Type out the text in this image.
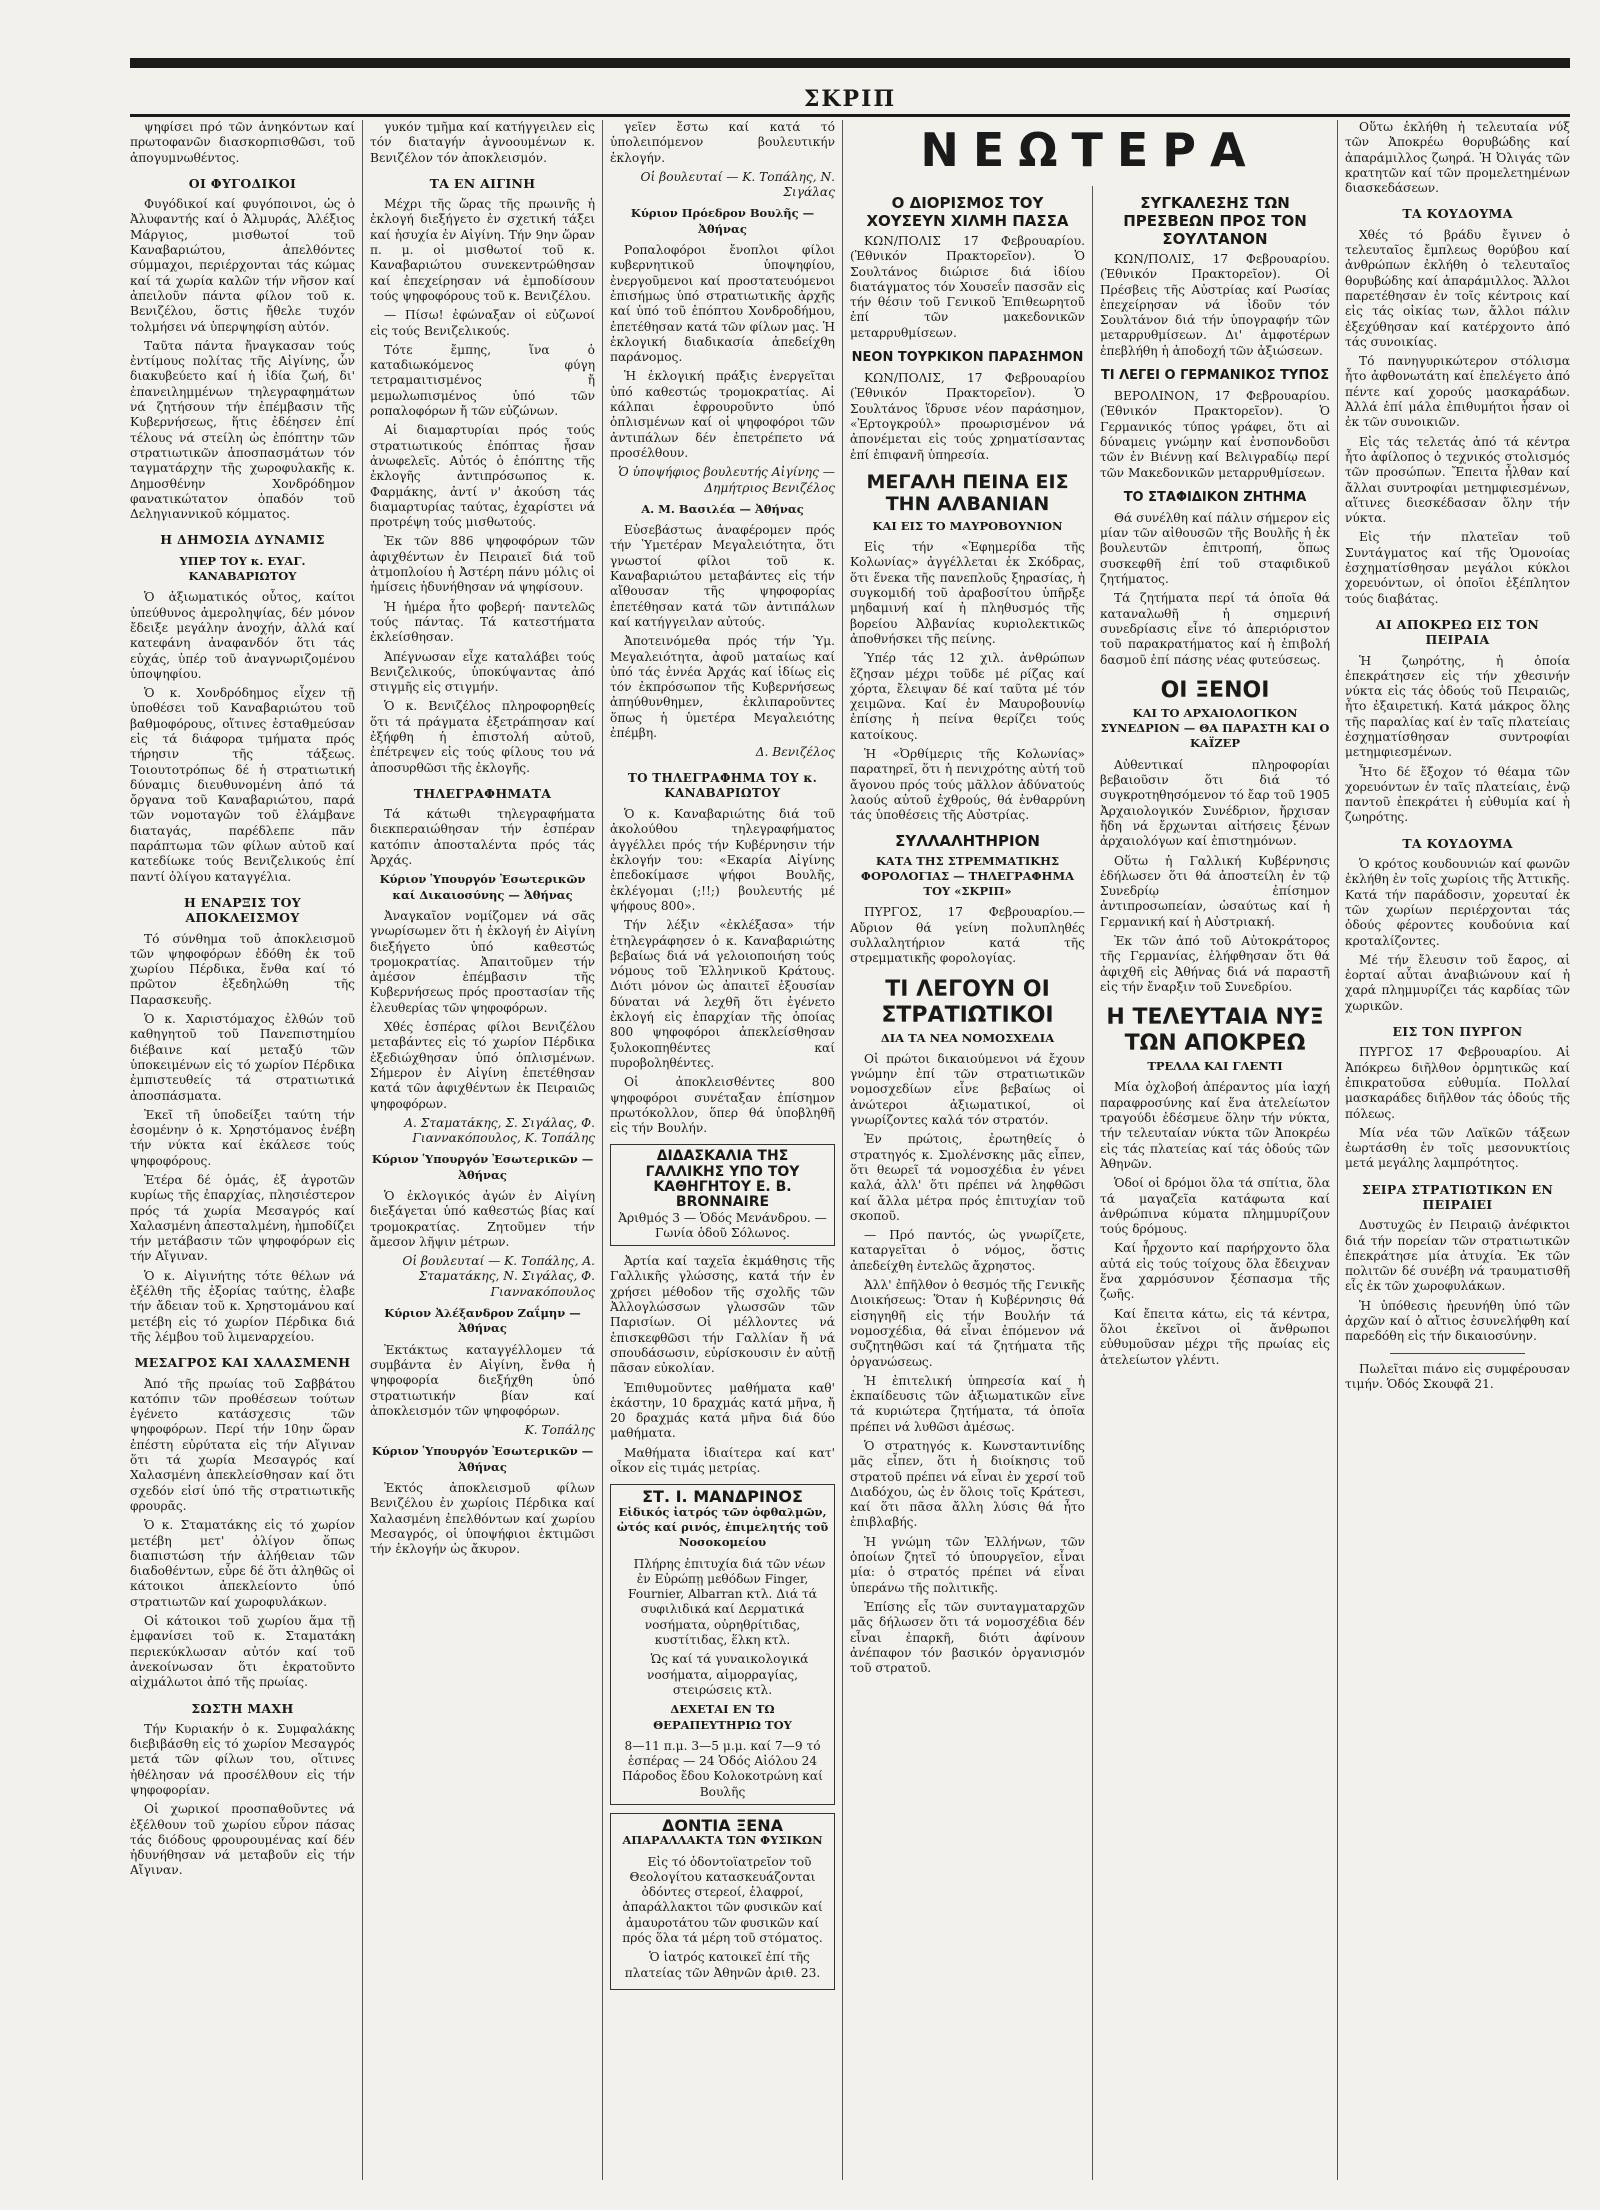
ΣΚΡΙΠ

ψηφίσει πρό τῶν ἀνηκόντων καί πρωτοφανῶν διασκορπισθῶσι, τοῦ ἀπογυμνωθέντος.

ΟΙ ΦΥΓΟΔΙΚΟΙ

Φυγόδικοί καί φυγόποινοι, ὡς ὁ Ἀλυφαντής καί ὁ Ἀλμυράς, Ἀλέξιος Μάργιος, μισθωτοί τοῦ Καναβαριώτου, ἀπελθόντες σύμμαχοι, περιέρχονται τάς κώμας καί τά χωρία καλῶν τήν νῆσον καί ἀπειλοῦν πάντα φίλον τοῦ κ. Βενιζέλου, ὅστις ἤθελε τυχόν τολμήσει νά ὑπερψηφίση αὐτόν.

Ταῦτα πάντα ἤναγκασαν τούς ἐντίμους πολίτας τῆς Αἰγίνης, ὧν διακυβεύετο καί ἡ ἰδία ζωή, δι' ἐπανειλημμένων τηλεγραφημάτων νά ζητήσουν τήν ἐπέμβασιν τῆς Κυβερνήσεως, ἥτις ἐδέησεν ἐπί τέλους νά στείλη ὡς ἐπόπτην τῶν στρατιωτικῶν ἀποσπασμάτων τόν ταγματάρχην τῆς χωροφυλακῆς κ. Δημοσθένην Χονδρόδημον φανατικώτατον ὀπαδόν τοῦ Δεληγιαννικοῦ κόμματος.

Η ΔΗΜΟΣΙΑ ΔΥΝΑΜΙΣ
ΥΠΕΡ ΤΟΥ κ. ΕΥΑΓ. ΚΑΝΑΒΑΡΙΩΤΟΥ

Ὁ ἀξιωματικός οὗτος, καίτοι ὑπεύθυνος ἀμεροληψίας, δέν μόνον ἔδειξε μεγάλην ἀνοχήν, ἀλλά καί κατεφάνη ἀναφανδόν ὅτι τάς εὐχάς, ὑπέρ τοῦ ἀναγνωριζομένου ὑποψηφίου.

Ὁ κ. Χονδρόδημος εἶχεν τῇ ὑποθέσει τοῦ Καναβαριώτου τοῦ βαθμοφόρους, οἵτινες ἐσταθμεύσαν εἰς τά διάφορα τμήματα πρός τήρησιν τῆς τάξεως. Τοιουτοτρόπως δέ ἡ στρατιωτική δύναμις διευθυνομένη ἀπό τά ὄργανα τοῦ Καναβαριώτου, παρά τῶν νομοταγῶν τοῦ ἐλάμβανε διαταγάς, παρέδλεπε πᾶν παράπτωμα τῶν φίλων αὐτοῦ καί κατεδίωκε τούς Βενιζελικούς ἐπί παντί ὀλίγου καταγγέλια.

Η ΕΝΑΡΞΙΣ ΤΟΥ ΑΠΟΚΛΕΙΣΜΟΥ

Τό σύνθημα τοῦ ἀποκλεισμοῦ τῶν ψηφοφόρων ἐδόθη ἐκ τοῦ χωρίου Πέρδικα, ἔνθα καί τό πρῶτον ἐξεδηλώθη τῆς Παρασκευῆς.

Ὁ κ. Χαριστόμαχος ἐλθών τοῦ καθηγητοῦ τοῦ Πανεπιστημίου διέβαινε καί μεταξύ τῶν ὑποκειμένων εἰς τό χωρίον Πέρδικα ἐμπιστευθείς τά στρατιωτικά ἀποσπάσματα.

Ἐκεῖ τῆ ὑποδείξει ταύτη τήν ἐσομένην ὁ κ. Χρηστόμανος ἐνέβη τήν νύκτα καί ἐκάλεσε τούς ψηφοφόρους.

Ἑτέρα δέ ὁμάς, ἐξ ἀγροτῶν κυρίως τῆς ἐπαρχίας, πλησιέστερον πρός τά χωρία Μεσαγρός καί Χαλασμένη ἀπεσταλμένη, ἠμποδίζει τήν μετάβασιν τῶν ψηφοφόρων εἰς τήν Αἴγιναν.

Ὁ κ. Αἰγινήτης τότε θέλων νά ἐξέλθη τῆς ἐξορίας ταύτης, ἐλαβε τήν ἄδειαν τοῦ κ. Χρηστομάνου καί μετέβη εἰς τό χωρίον Πέρδικα διά τῆς λέμβου τοῦ λιμεναρχείου.

ΜΕΣΑΓΡΟΣ ΚΑΙ ΧΑΛΑΣΜΕΝΗ

Ἀπό τῆς πρωίας τοῦ Σαββάτου κατόπιν τῶν προθέσεων τούτων ἐγένετο κατάσχεσις τῶν ψηφοφόρων. Περί τήν 10ην ὥραν ἐπέστη εὐρύτατα εἰς τήν Αἴγιναν ὅτι τά χωρία Μεσαγρός καί Χαλασμένη ἀπεκλείσθησαν καί ὅτι σχεδόν εἰσί ὑπό τῆς στρατιωτικῆς φρουρᾶς.

Ὁ κ. Σταματάκης εἰς τό χωρίον μετέβη μετ' ὀλίγον ὅπως διαπιστώση τήν ἀλήθειαν τῶν διαδοθέντων, εὗρε δέ ὅτι ἀληθῶς οἱ κάτοικοι ἀπεκλείοντο ὑπό στρατιωτῶν καί χωροφυλάκων.

Οἱ κάτοικοι τοῦ χωρίου ἅμα τῇ ἐμφανίσει τοῦ κ. Σταματάκη περιεκύκλωσαν αὐτόν καί τοῦ ἀνεκοίνωσαν ὅτι ἐκρατοῦντο αἰχμάλωτοι ἀπό τῆς πρωίας.

ΣΩΣΤΗ ΜΑΧΗ

Τήν Κυριακήν ὁ κ. Συμφαλάκης διεβιβάσθη εἰς τό χωρίον Μεσαγρός μετά τῶν φίλων του, οἵτινες ἠθέλησαν νά προσέλθουν εἰς τήν ψηφοφορίαν.

Οἱ χωρικοί προσπαθοῦντες νά ἐξέλθουν τοῦ χωρίου εὗρον πάσας τάς διόδους φρουρουμένας καί δέν ἠδυνήθησαν νά μεταβοῦν εἰς τήν Αἴγιναν.

γυκόν τμῆμα καί κατήγγειλεν εἰς τόν διαταγήν ἀγνοουμένων κ. Βενιζέλον τόν ἀποκλεισμόν.

ΤΑ ΕΝ ΑΙΓΙΝΗ

Μέχρι τῆς ὥρας τῆς πρωινῆς ἡ ἐκλογή διεξήγετο ἐν σχετική τάξει καί ἡσυχία ἐν Αἰγίνη. Τήν 9ην ὥραν π. μ. οἱ μισθωτοί τοῦ κ. Καναβαριώτου συνεκεντρώθησαν καί ἐπεχείρησαν νά ἐμποδίσουν τούς ψηφοφόρους τοῦ κ. Βενιζέλου.

— Πίσω! ἐφώναξαν οἱ εὐζωνοί εἰς τούς Βενιζελικούς.

Τότε ἔμπης, ἵνα ὁ καταδιωκόμενος φύγη τετραμαιτισμένος ἤ μεμωλωπισμένος ὑπό τῶν ροπαλοφόρων ἤ τῶν εὐζώνων.

Αἱ διαμαρτυρίαι πρός τούς στρατιωτικούς ἐπόπτας ἦσαν ἀνωφελεῖς. Αὐτός ὁ ἐπόπτης τῆς ἐκλογῆς ἀντιπρόσωπος κ. Φαρμάκης, ἀντί ν' ἀκούση τάς διαμαρτυρίας ταύτας, ἐχαρίστει νά προτρέψη τούς μισθωτούς.

Ἐκ τῶν 886 ψηφοφόρων τῶν ἀφιχθέντων ἐν Πειραιεῖ διά τοῦ ἀτμοπλοίου ἡ Ἀστέρη πάνυ μόλις οἱ ἡμίσεις ἠδυνήθησαν νά ψηφίσουν.

Ἡ ἡμέρα ἦτο φοβερή· παντελῶς τούς πάντας. Τά κατεστήματα ἐκλείσθησαν.

Ἀπέγνωσαν εἶχε καταλάβει τούς Βενιζελικούς, ὑποκύψαντας ἀπό στιγμῆς εἰς στιγμήν.

Ὁ κ. Βενιζέλος πληροφορηθείς ὅτι τά πράγματα ἐξετράπησαν καί ἐξήφθη ἡ ἐπιστολή αὐτοῦ, ἐπέτρεψεν εἰς τούς φίλους του νά ἀποσυρθῶσι τῆς ἐκλογῆς.

ΤΗΛΕΓΡΑΦΗΜΑΤΑ

Τά κάτωθι τηλεγραφήματα διεκπεραιώθησαν τήν ἐσπέραν κατόπιν ἀποσταλέντα πρός τάς Ἀρχάς.

Κύριον Ὑπουργόν Ἐσωτερικῶν καί Δικαιοσύνης — Ἀθήνας

Ἀναγκαῖον νομίζομεν νά σᾶς γνωρίσωμεν ὅτι ἡ ἐκλογή ἐν Αἰγίνη διεξήγετο ὑπό καθεστώς τρομοκρατίας. Ἀπαιτοῦμεν τήν ἀμέσον ἐπέμβασιν τῆς Κυβερνήσεως πρός προστασίαν τῆς ἐλευθερίας τῶν ψηφοφόρων.

Χθές ἑσπέρας φίλοι Βενιζέλου μεταβάντες εἰς τό χωρίον Πέρδικα ἐξεδιώχθησαν ὑπό ὁπλισμένων. Σήμερον ἐν Αἰγίνη ἐπετέθησαν κατά τῶν ἀφιχθέντων ἐκ Πειραιῶς ψηφοφόρων.

Α. Σταματάκης, Σ. Σιγάλας, Φ. Γιαννακόπουλος, Κ. Τοπάλης
Κύριον Ὑπουργόν Ἐσωτερικῶν — Ἀθήνας

Ὁ ἐκλογικός ἀγών ἐν Αἰγίνη διεξάγεται ὑπό καθεστώς βίας καί τρομοκρατίας. Ζητοῦμεν τήν ἄμεσον λῆψιν μέτρων.

Οἱ βουλευταί — Κ. Τοπάλης, Α. Σταματάκης, Ν. Σιγάλας, Φ. Γιαννακόπουλος
Κύριον Ἀλέξανδρον Ζαΐμην — Ἀθήνας

Ἐκτάκτως καταγγέλλομεν τά συμβάντα ἐν Αἰγίνη, ἔνθα ἡ ψηφοφορία διεξήχθη ὑπό στρατιωτικήν βίαν καί ἀποκλεισμόν τῶν ψηφοφόρων.

Κ. Τοπάλης
Κύριον Ὑπουργόν Ἐσωτερικῶν — Ἀθήνας

Ἐκτός ἀποκλεισμοῦ φίλων Βενιζέλου ἐν χωρίοις Πέρδικα καί Χαλασμένη ἐπελθόντων καί χωρίου Μεσαγρός, οἱ ὑποψήφιοι ἐκτιμῶσι τήν ἐκλογήν ὡς ἄκυρον.

γεῖεν ἔστω καί κατά τό ὑπολειπόμενον βουλευτικήν ἐκλογήν.

Οἱ βουλευταί — Κ. Τοπάλης, Ν. Σιγάλας
Κύριον Πρόεδρον Βουλῆς — Ἀθήνας

Ροπαλοφόροι ἔνοπλοι φίλοι κυβερνητικοῦ ὑποψηφίου, ἐνεργοῦμενοι καί προστατευόμενοι ἐπισήμως ὑπό στρατιωτικῆς ἀρχῆς καί ὑπό τοῦ ἐπόπτου Χονδροδήμου, ἐπετέθησαν κατά τῶν φίλων μας. Ἡ ἐκλογική διαδικασία ἀπεδείχθη παράνομος.

Ἡ ἐκλογική πράξις ἐνεργεῖται ὑπό καθεστώς τρομοκρατίας. Αἱ κάλπαι ἐφρουροῦντο ὑπό ὁπλισμένων καί οἱ ψηφοφόροι τῶν ἀντιπάλων δέν ἐπετρέπετο νά προσέλθουν.

Ὁ ὑποψήφιος βουλευτής Αἰγίνης — Δημήτριος Βενιζέλος
Α. Μ. Βασιλέα — Ἀθήνας

Εὐσεβάστως ἀναφέρομεν πρός τήν Ὑμετέραν Μεγαλειότητα, ὅτι γνωστοί φίλοι τοῦ κ. Καναβαριώτου μεταβάντες εἰς τήν αἴθουσαν τῆς ψηφοφορίας ἐπετέθησαν κατά τῶν ἀντιπάλων καί κατήγγειλαν αὐτούς.

Ἀποτεινόμεθα πρός τήν Ὑμ. Μεγαλειότητα, ἀφοῦ ματαίως καί ὑπό τάς ἐννέα Ἀρχάς καί ἰδίως εἰς τόν ἐκπρόσωπον τῆς Κυβερνήσεως ἀπηύθυνθημεν, ἐκλιπαροῦντες ὅπως ἡ ὑμετέρα Μεγαλειότης ἐπέμβη.

Δ. Βενιζέλος
ΤΟ ΤΗΛΕΓΡΑΦΗΜΑ ΤΟΥ κ. ΚΑΝΑΒΑΡΙΩΤΟΥ

Ὁ κ. Καναβαριώτης διά τοῦ ἀκολούθου τηλεγραφήματος ἀγγέλλει πρός τήν Κυβέρνησιν τήν ἐκλογήν του: «Εκαρία Αἰγίνης ἐπεδοκίμασε ψήφοι Βουλῆς, ἐκλέγομαι (;!!;) βουλευτής μέ ψήφους 800».

Τήν λέξιν «ἐκλέξασα» τήν ἐτηλεγράφησεν ὁ κ. Καναβαριώτης βεβαίως διά νά γελοιοποιήση τούς νόμους τοῦ Ἑλληνικοῦ Κράτους. Διότι μόνον ὡς ἀπαιτεῖ ἐξουσίαν δύναται νά λεχθῆ ὅτι ἐγένετο ἐκλογή εἰς ἐπαρχίαν τῆς ὁποίας 800 ψηφοφόροι ἀπεκλείσθησαν ξυλοκοπηθέντες καί πυροβοληθέντες.

Οἱ ἀποκλεισθέντες 800 ψηφοφόροι συνέταξαν ἐπίσημον πρωτόκολλον, ὅπερ θά ὑποβληθῆ εἰς τήν Βουλήν.

ΔΙΔΑΣΚΑΛΙΑ ΤΗΣ ΓΑΛΛΙΚΗΣ ΥΠΟ ΤΟΥ ΚΑΘΗΓΗΤΟΥ Ε. Β. BRONNAIRE
Ἀριθμός 3 — Ὁδός Μενάνδρου. — Γωνία ὁδοῦ Σόλωνος.

Ἀρτία καί ταχεῖα ἐκμάθησις τῆς Γαλλικῆς γλώσσης, κατά τήν ἐν χρήσει μέθοδον τῆς σχολῆς τῶν Ἀλλογλώσσων γλωσσῶν τῶν Παρισίων. Οἱ μέλλοντες νά ἐπισκεφθῶσι τήν Γαλλίαν ἤ νά σπουδάσωσιν, εὑρίσκουσιν ἐν αὐτῇ πᾶσαν εὐκολίαν.

Ἐπιθυμοῦντες μαθήματα καθ' ἑκάστην, 10 δραχμάς κατά μῆνα, ἤ 20 δραχμάς κατά μῆνα διά δύο μαθήματα.

Μαθήματα ἰδιαίτερα καί κατ' οἶκον εἰς τιμάς μετρίας.

ΣΤ. Ι. ΜΑΝΔΡΙΝΟΣ
Εἰδικός ἰατρός τῶν ὀφθαλμῶν, ὠτός καί ρινός, ἐπιμελητής τοῦ Νοσοκομείου

Πλήρης ἐπιτυχία διά τῶν νέων ἐν Εὐρώπῃ μεθόδων Finger, Fournier, Albarran κτλ. Διά τά συφιλιδικά καί Δερματικά νοσήματα, οὐρηθρίτιδας, κυστίτιδας, ἕλκη κτλ.

Ὡς καί τά γυναικολογικά νοσήματα, αἱμορραγίας, στειρώσεις κτλ.

ΔΕΧΕΤΑΙ ΕΝ ΤΩ ΘΕΡΑΠΕΥΤΗΡΙΩ ΤΟΥ
8—11 π.μ. 3—5 μ.μ. καί 7—9 τό ἑσπέρας — 24 Ὁδός Αἰόλου 24
Πάροδος ἔδου Κολοκοτρώνη καί Βουλῆς
ΔΟΝΤΙΑ ΞΕΝΑ
ΑΠΑΡΑΛΛΑΚΤΑ ΤΩΝ ΦΥΣΙΚΩΝ

Εἰς τό ὀδοντοϊατρεῖον τοῦ Θεολογίτου κατασκευάζονται ὀδόντες στερεοί, ἐλαφροί, ἀπαράλλακτοι τῶν φυσικῶν καί ἀμαυροτάτου τῶν φυσικῶν καί πρός ὅλα τά μέρη τοῦ στόματος.

Ὁ ἰατρός κατοικεῖ ἐπί τῆς πλατείας τῶν Ἀθηνῶν ἀριθ. 23.

ΝΕΩΤΕΡΑ
Ο ΔΙΟΡΙΣΜΟΣ ΤΟΥ ΧΟΥΣΕΥΝ ΧΙΛΜΗ ΠΑΣΣΑ

ΚΩΝ/ΠΟΛΙΣ 17 Φεβρουαρίου. (Ἐθνικόν Πρακτορεῖον). Ὁ Σουλτάνος διώρισε διά ἰδίου διατάγματος τόν Χουσεΐν πασσᾶν εἰς τήν θέσιν τοῦ Γενικοῦ Ἐπιθεωρητοῦ ἐπί τῶν μακεδονικῶν μεταρρυθμίσεων.

ΝΕΟΝ ΤΟΥΡΚΙΚΟΝ ΠΑΡΑΣΗΜΟΝ

ΚΩΝ/ΠΟΛΙΣ, 17 Φεβρουαρίου (Ἐθνικόν Πρακτορεῖον). Ὁ Σουλτάνος ἵδρυσε νέον παράσημον, «Ἐρτογκρούλ» προωρισμένον νά ἀπονέμεται εἰς τούς χρηματίσαντας ἐπί ἐπιφανῆ ὑπηρεσία.

ΜΕΓΑΛΗ ΠΕΙΝΑ ΕΙΣ ΤΗΝ ΑΛΒΑΝΙΑΝ
ΚΑΙ ΕΙΣ ΤΟ ΜΑΥΡΟΒΟΥΝΙΟΝ

Εἰς τήν «Ἐφημερίδα τῆς Κολωνίας» ἀγγέλλεται ἐκ Σκόδρας, ὅτι ἕνεκα τῆς πανεπλοῦς ξηρασίας, ἡ συγκομιδή τοῦ ἀραβοσίτου ὑπῆρξε μηδαμινή καί ἡ πληθυσμός τῆς βορείου Ἀλβανίας κυριολεκτικῶς ἀποθνήσκει τῆς πείνης.

Ὑπέρ τάς 12 χιλ. ἀνθρώπων ἔζησαν μέχρι τοῦδε μέ ρίζας καί χόρτα, ἔλειψαν δέ καί ταῦτα μέ τόν χειμῶνα. Καί ἐν Μαυροβουνίῳ ἐπίσης ἡ πείνα θερίζει τούς κατοίκους.

Ἡ «Ὀρθίμερις τῆς Κολωνίας» παρατηρεῖ, ὅτι ἡ πενιχρότης αὐτή τοῦ ἄγονου πρός τούς μᾶλλον ἀδύνατούς λαούς αὐτοῦ ἐχθρούς, θά ἐνθαρρύνη τάς ὑποθέσεις τῆς Αὐστρίας.

ΣΥΛΛΑΛΗΤΗΡΙΟΝ
ΚΑΤΑ ΤΗΣ ΣΤΡΕΜΜΑΤΙΚΗΣ ΦΟΡΟΛΟΓΙΑΣ — ΤΗΛΕΓΡΑΦΗΜΑ ΤΟΥ «ΣΚΡΙΠ»

ΠΥΡΓΟΣ, 17 Φεβρουαρίου.— Αὔριον θά γείνη πολυπληθές συλλαλητήριον κατά τῆς στρεμματικῆς φορολογίας.

ΤΙ ΛΕΓΟΥΝ ΟΙ ΣΤΡΑΤΙΩΤΙΚΟΙ
ΔΙΑ ΤΑ ΝΕΑ ΝΟΜΟΣΧΕΔΙΑ

Οἱ πρώτοι δικαιούμενοι νά ἔχουν γνώμην ἐπί τῶν στρατιωτικῶν νομοσχεδίων εἶνε βεβαίως οἱ ἀνώτεροι ἀξιωματικοί, οἱ γνωρίζοντες καλά τόν στρατόν.

Ἐν πρώτοις, ἐρωτηθείς ὁ στρατηγός κ. Σμολένσκης μᾶς εἶπεν, ὅτι θεωρεῖ τά νομοσχέδια ἐν γένει καλά, ἀλλ' ὅτι πρέπει νά ληφθῶσι καί ἄλλα μέτρα πρός ἐπιτυχίαν τοῦ σκοποῦ.

— Πρό παντός, ὡς γνωρίζετε, καταργεῖται ὁ νόμος, ὅστις ἀπεδείχθη ἐντελῶς ἄχρηστος.

Ἀλλ' ἐπῆλθον ὁ θεσμός τῆς Γενικῆς Διοικήσεως: Ὅταν ἡ Κυβέρνησις θά εἰσηγηθῆ εἰς τήν Βουλήν τά νομοσχέδια, θά εἶναι ἐπόμενον νά συζητηθῶσι καί τά ζητήματα τῆς ὀργανώσεως.

Ἡ ἐπιτελική ὑπηρεσία καί ἡ ἐκπαίδευσις τῶν ἀξιωματικῶν εἶνε τά κυριώτερα ζητήματα, τά ὁποῖα πρέπει νά λυθῶσι ἀμέσως.

Ὁ στρατηγός κ. Κωνσταντινίδης μᾶς εἶπεν, ὅτι ἡ διοίκησις τοῦ στρατοῦ πρέπει νά εἶναι ἐν χερσί τοῦ Διαδόχου, ὡς ἐν ὅλοις τοῖς Κράτεσι, καί ὅτι πᾶσα ἄλλη λύσις θά ἦτο ἐπιβλαβής.

Ἡ γνώμη τῶν Ἑλλήνων, τῶν ὁποίων ζητεῖ τό ὑπουργεῖον, εἶναι μία: ὁ στρατός πρέπει νά εἶναι ὑπεράνω τῆς πολιτικῆς.

Ἐπίσης εἷς τῶν συνταγματαρχῶν μᾶς δήλωσεν ὅτι τά νομοσχέδια δέν εἶναι ἐπαρκῆ, διότι ἀφίνουν ἀνέπαφον τόν βασικόν ὀργανισμόν τοῦ στρατοῦ.

ΣΥΓΚΑΛΕΣΗΣ ΤΩΝ ΠΡΕΣΒΕΩΝ ΠΡΟΣ ΤΟΝ ΣΟΥΛΤΑΝΟΝ

ΚΩΝ/ΠΟΛΙΣ, 17 Φεβρουαρίου. (Ἐθνικόν Πρακτορεῖον). Οἱ Πρέσβεις τῆς Αὐστρίας καί Ρωσίας ἐπεχείρησαν νά ἰδοῦν τόν Σουλτάνον διά τήν ὑπογραφήν τῶν μεταρρυθμίσεων. Δι' ἀμφοτέρων ἐπεβλήθη ἡ ἀποδοχή τῶν ἀξιώσεων.

ΤΙ ΛΕΓΕΙ Ο ΓΕΡΜΑΝΙΚΟΣ ΤΥΠΟΣ

ΒΕΡΟΛΙΝΟΝ, 17 Φεβρουαρίου. (Ἐθνικόν Πρακτορεῖον). Ὁ Γερμανικός τύπος γράφει, ὅτι αἱ δύναμεις γνώμην καί ἐνσπονδοῦσι τῶν ἐν Βιέννῃ καί Βελιγραδίῳ περί τῶν Μακεδονικῶν μεταρρυθμίσεων.

ΤΟ ΣΤΑΦΙΔΙΚΟΝ ΖΗΤΗΜΑ

Θά συνέλθη καί πάλιν σήμερον εἰς μίαν τῶν αἰθουσῶν τῆς Βουλῆς ἡ ἐκ βουλευτῶν ἐπιτροπή, ὅπως συσκεφθῆ ἐπί τοῦ σταφιδικοῦ ζητήματος.

Τά ζητήματα περί τά ὁποῖα θά καταναλωθῆ ἡ σημερινή συνεδρίασις εἶνε τό ἀπεριόριστον τοῦ παρακρατήματος καί ἡ ἐπιβολή δασμοῦ ἐπί πάσης νέας φυτεύσεως.

ΟΙ ΞΕΝΟΙ
ΚΑΙ ΤΟ ΑΡΧΑΙΟΛΟΓΙΚΟΝ ΣΥΝΕΔΡΙΟΝ — ΘΑ ΠΑΡΑΣΤΗ ΚΑΙ Ο ΚΑΪΖΕΡ

Αὐθεντικαί πληροφορίαι βεβαιοῦσιν ὅτι διά τό συγκροτηθησόμενον τό ἔαρ τοῦ 1905 Ἀρχαιολογικόν Συνέδριον, ἤρχισαν ἤδη νά ἔρχωνται αἰτήσεις ξένων ἀρχαιολόγων καί ἐπιστημόνων.

Οὕτω ἡ Γαλλική Κυβέρνησις ἐδήλωσεν ὅτι θά ἀποστείλη ἐν τῷ Συνεδρίῳ ἐπίσημον ἀντιπροσωπείαν, ὡσαύτως καί ἡ Γερμανική καί ἡ Αὐστριακή.

Ἐκ τῶν ἀπό τοῦ Αὐτοκράτορος τῆς Γερμανίας, ἐλήφθησαν ὅτι θά ἀφιχθῆ εἰς Ἀθήνας διά νά παραστῆ εἰς τήν ἔναρξιν τοῦ Συνεδρίου.

Η ΤΕΛΕΥΤΑΙΑ ΝΥΞ ΤΩΝ ΑΠΟΚΡΕΩ
ΤΡΕΛΛΑ ΚΑΙ ΓΛΕΝΤΙ

Μία ὀχλοβοή ἀπέραντος μία ἰαχή παραφροσύνης καί ἕνα ἀτελείωτον τραγούδι ἐδέσμευε ὅλην τήν νύκτα, τήν τελευταίαν νύκτα τῶν Ἀποκρέω εἰς τάς πλατείας καί τάς ὁδούς τῶν Ἀθηνῶν.

Ὁδοί οἱ δρόμοι ὅλα τά σπίτια, ὅλα τά μαγαζεῖα κατάφωτα καί ἀνθρώπινα κύματα πλημμυρίζουν τούς δρόμους.

Καί ἦρχοντο καί παρήρχοντο ὅλα αὐτά εἰς τούς τοίχους ὅλα ἔδειχναν ἕνα χαρμόσυνον ξέσπασμα τῆς ζωῆς.

Καί ἔπειτα κάτω, εἰς τά κέντρα, ὅλοι ἐκεῖνοι οἱ ἄνθρωποι εὐθυμοῦσαν μέχρι τῆς πρωίας εἰς ἀτελείωτον γλέντι.

Οὕτω ἐκλήθη ἡ τελευταία νύξ τῶν Ἀποκρέω θορυβώδης καί ἀπαράμιλλος ζωηρά. Ἡ Ὀλιγάς τῶν κρατητῶν καί τῶν προμελετημένων διασκεδάσεων.

ΤΑ ΚΟΥΔΟΥΜΑ

Χθές τό βράδυ ἔγινεν ὁ τελευταῖος ἔμπλεως θορύβου καί ἀνθρώπων ἐκλήθη ὁ τελευταῖος θορυβώδης καί ἀπαράμιλλος. Ἄλλοι παρετέθησαν ἐν τοῖς κέντροις καί εἰς τάς οἰκίας των, ἄλλοι πάλιν ἐξεχύθησαν καί κατέρχοντο ἀπό τάς συνοικίας.

Τό πανηγυρικώτερον στόλισμα ἦτο ἀφθονωτάτη καί ἐπελέγετο ἀπό πέντε καί χορούς μασκαράδων. Ἀλλά ἐπί μάλα ἐπιθυμήτοι ἦσαν οἱ ἐκ τῶν συνοικιῶν.

Εἰς τάς τελετάς ἀπό τά κέντρα ἦτο ἀφίλοπος ὁ τεχνικός στολισμός τῶν προσώπων. Ἔπειτα ἦλθαν καί ἄλλαι συντροφίαι μετημφιεσμένων, αἵτινες διεσκέδασαν ὅλην τήν νύκτα.

Εἰς τήν πλατεῖαν τοῦ Συντάγματος καί τῆς Ὁμονοίας ἐσχηματίσθησαν μεγάλοι κύκλοι χορευόντων, οἱ ὁποῖοι ἐξέπλητον τούς διαβάτας.

ΑΙ ΑΠΟΚΡΕΩ ΕΙΣ ΤΟΝ ΠΕΙΡΑΙΑ

Ἡ ζωηρότης, ἡ ὁποία ἐπεκράτησεν εἰς τήν χθεσινήν νύκτα εἰς τάς ὁδούς τοῦ Πειραιῶς, ἦτο ἐξαιρετική. Κατά μάκρος ὅλης τῆς παραλίας καί ἐν ταῖς πλατείαις ἐσχηματίσθησαν συντροφίαι μετημφιεσμένων.

Ἦτο δέ ἔξοχον τό θέαμα τῶν χορευόντων ἐν ταῖς πλατείαις, ἐνῷ παντοῦ ἐπεκράτει ἡ εὐθυμία καί ἡ ζωηρότης.

ΤΑ ΚΟΥΔΟΥΜΑ

Ὁ κρότος κουδουνιών καί φωνῶν ἐκλήθη ἐν τοῖς χωρίοις τῆς Ἀττικῆς. Κατά τήν παράδοσιν, χορευταί ἐκ τῶν χωρίων περιέρχονται τάς ὁδούς φέροντες κουδούνια καί κροταλίζοντες.

Μέ τήν ἔλευσιν τοῦ ἔαρος, αἱ ἑορταί αὗται ἀναβιώνουν καί ἡ χαρά πλημμυρίζει τάς καρδίας τῶν χωρικῶν.

ΕΙΣ ΤΟΝ ΠΥΡΓΟΝ

ΠΥΡΓΟΣ 17 Φεβρουαρίου. Αἱ Ἀπόκρεω διῆλθον ὀρμητικῶς καί ἐπικρατοῦσα εὐθυμία. Πολλαί μασκαράδες διῆλθον τάς ὁδούς τῆς πόλεως.

Μία νέα τῶν Λαϊκῶν τάξεων ἐωρτάσθη ἐν τοῖς μεσονυκτίοις μετά μεγάλης λαμπρότητος.

ΣΕΙΡΑ ΣΤΡΑΤΙΩΤΙΚΩΝ ΕΝ ΠΕΙΡΑΙΕΙ

Δυστυχῶς ἐν Πειραιῷ ἀνέφικτοι διά τήν πορείαν τῶν στρατιωτικῶν ἐπεκράτησε μία ἀτυχία. Ἐκ τῶν πολιτῶν δέ συνέβη νά τραυματισθῆ εἷς ἐκ τῶν χωροφυλάκων.

Ἡ ὑπόθεσις ἠρευνήθη ὑπό τῶν ἀρχῶν καί ὁ αἴτιος ἐσυνελήφθη καί παρεδόθη εἰς τήν δικαιοσύνην.

Πωλεῖται πιάνο εἰς συμφέρουσαν τιμήν. Ὁδός Σκουφᾶ 21.
